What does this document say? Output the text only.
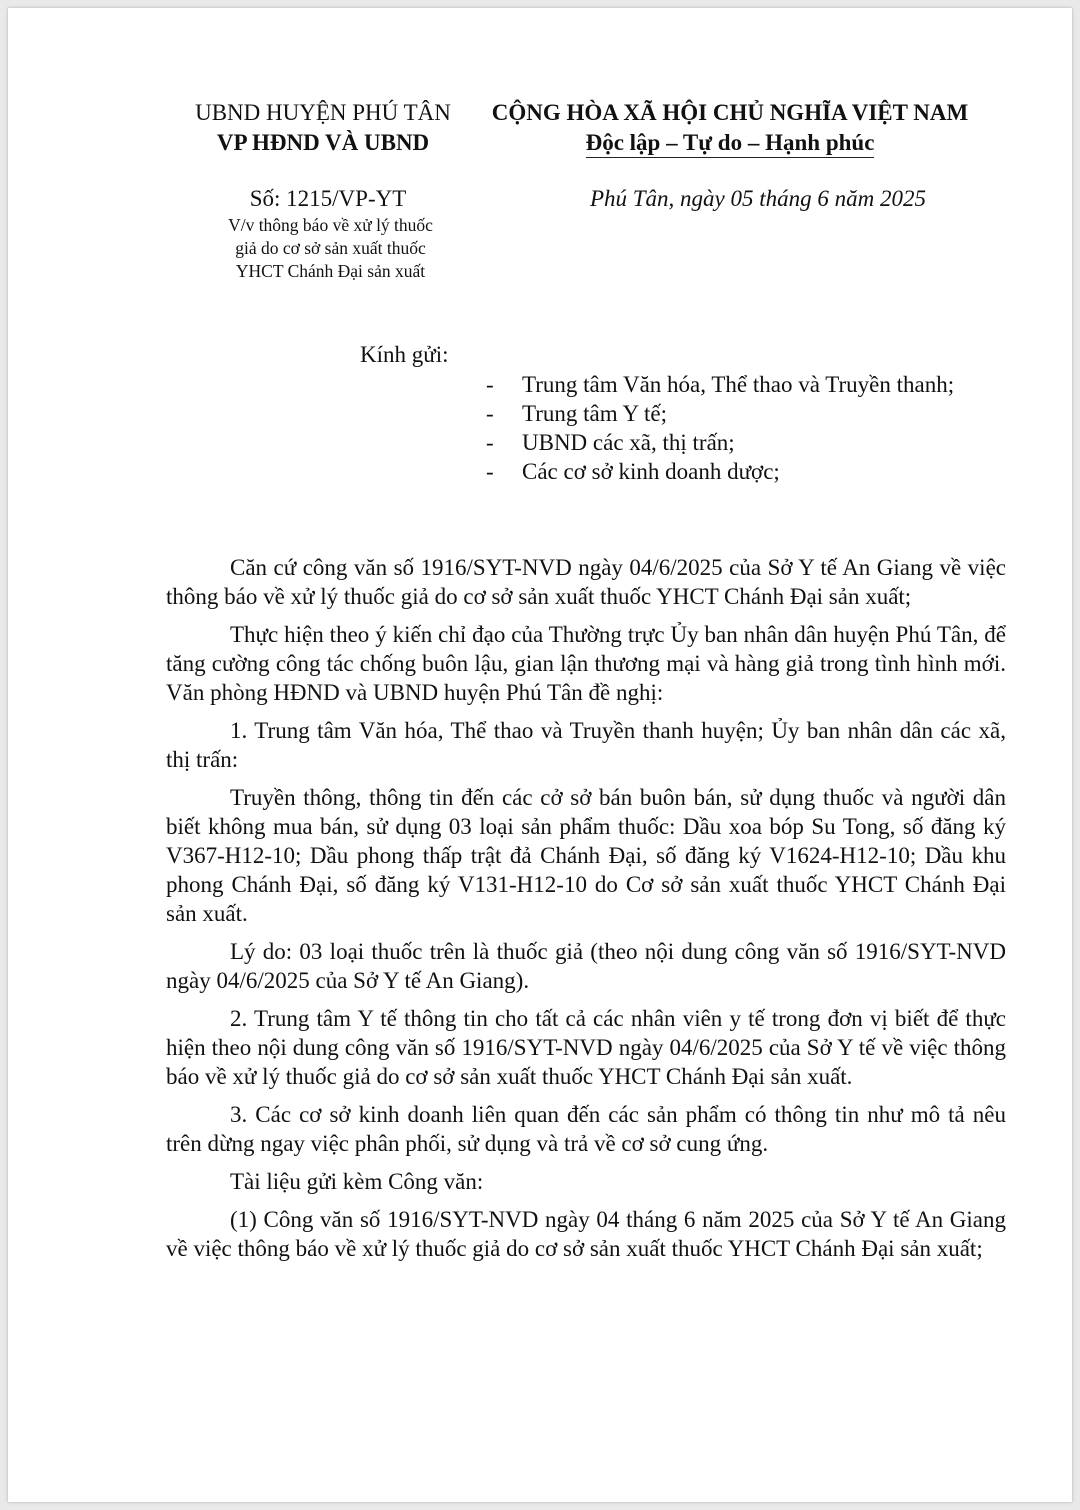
UBND HUYỆN PHÚ TÂN
VP HĐND VÀ UBND
CỘNG HÒA XÃ HỘI CHỦ NGHĨA VIỆT NAM
Độc lập – Tự do – Hạnh phúc
Số: 1215/VP-YT
V/v thông báo về xử lý thuốc
giả do cơ sở sản xuất thuốc
YHCT Chánh Đại sản xuất
Phú Tân, ngày 05 tháng 6 năm 2025
Kính gửi:
- Trung tâm Văn hóa, Thể thao và Truyền thanh;
- Trung tâm Y tế;
- UBND các xã, thị trấn;
- Các cơ sở kinh doanh dược;

Căn cứ công văn số 1916/SYT-NVD ngày 04/6/2025 của Sở Y tế An Giang về việc thông báo về xử lý thuốc giả do cơ sở sản xuất thuốc YHCT Chánh Đại sản xuất;

Thực hiện theo ý kiến chỉ đạo của Thường trực Ủy ban nhân dân huyện Phú Tân, để tăng cường công tác chống buôn lậu, gian lận thương mại và hàng giả trong tình hình mới. Văn phòng HĐND và UBND huyện Phú Tân đề nghị:

1. Trung tâm Văn hóa, Thể thao và Truyền thanh huyện; Ủy ban nhân dân các xã, thị trấn:

Truyền thông, thông tin đến các cở sở bán buôn bán, sử dụng thuốc và người dân biết không mua bán, sử dụng 03 loại sản phẩm thuốc: Dầu xoa bóp Su Tong, số đăng ký V367-H12-10; Dầu phong thấp trật đả Chánh Đại, số đăng ký V1624-H12-10; Dầu khu phong Chánh Đại, số đăng ký V131-H12-10 do Cơ sở sản xuất thuốc YHCT Chánh Đại sản xuất.

Lý do: 03 loại thuốc trên là thuốc giả (theo nội dung công văn số 1916/SYT-NVD ngày 04/6/2025 của Sở Y tế An Giang).

2. Trung tâm Y tế thông tin cho tất cả các nhân viên y tế trong đơn vị biết để thực hiện theo nội dung công văn số 1916/SYT-NVD ngày 04/6/2025 của Sở Y tế về việc thông báo về xử lý thuốc giả do cơ sở sản xuất thuốc YHCT Chánh Đại sản xuất.

3. Các cơ sở kinh doanh liên quan đến các sản phẩm có thông tin như mô tả nêu trên dừng ngay việc phân phối, sử dụng và trả về cơ sở cung ứng.

Tài liệu gửi kèm Công văn:

(1) Công văn số 1916/SYT-NVD ngày 04 tháng 6 năm 2025 của Sở Y tế An Giang về việc thông báo về xử lý thuốc giả do cơ sở sản xuất thuốc YHCT Chánh Đại sản xuất;
